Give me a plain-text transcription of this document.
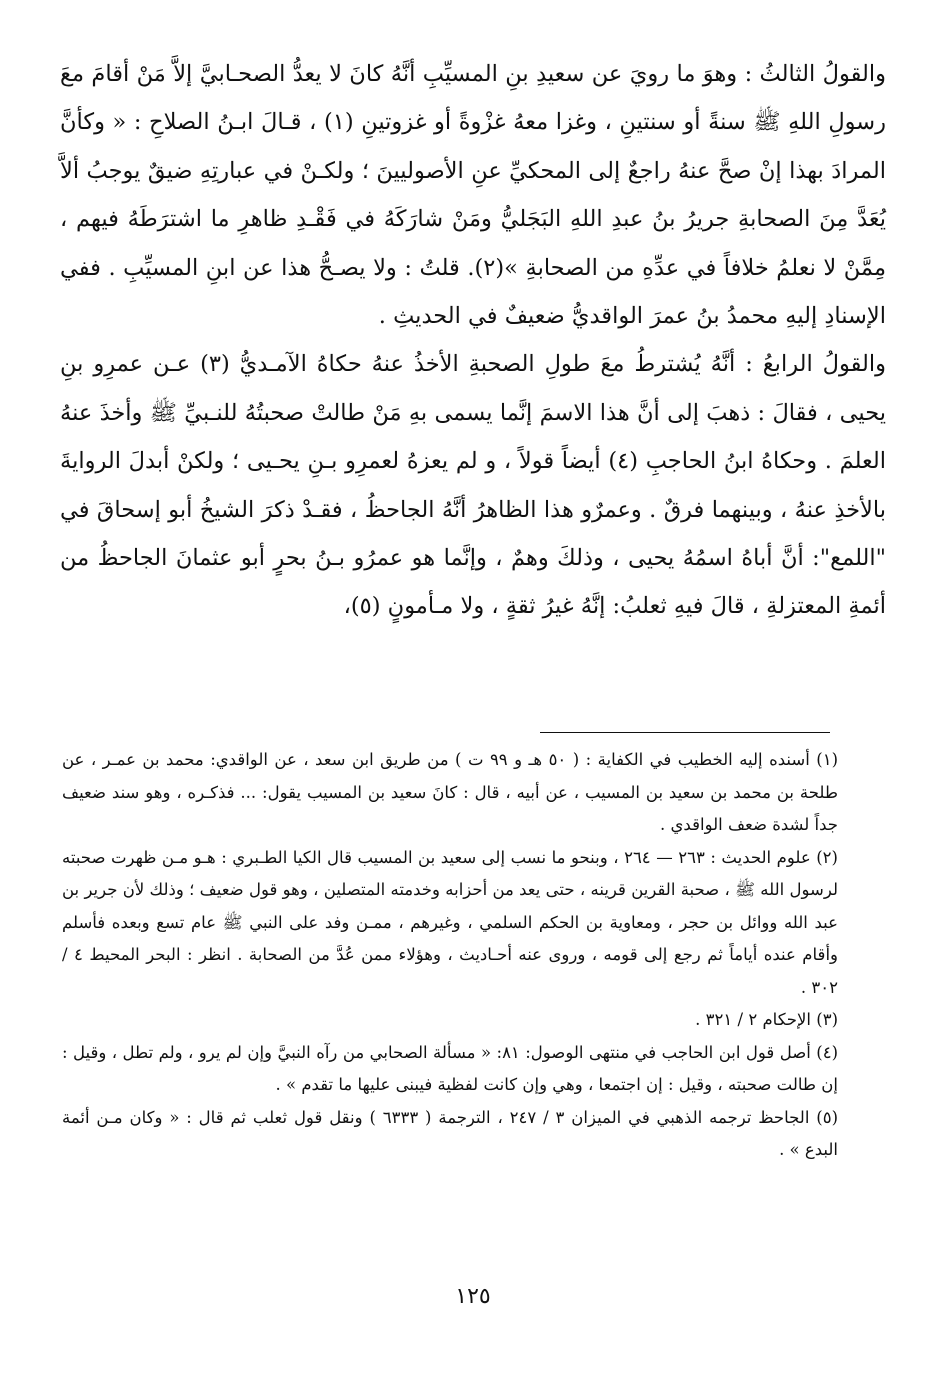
والقولُ الثالثُ : وهوَ ما رويَ عن سعيدِ بنِ المسيِّبِ أنَّهُ كانَ لا يعدُّ الصحـابيَّ إلاَّ مَنْ أقامَ معَ رسولِ اللهِ ﷺ سنةً أو سنتينِ ، وغزا معهُ غزْوةً أو غزوتينِ (١) ، قـالَ ابـنُ الصلاحِ : « وكأنَّ المرادَ بهذا إنْ صحَّ عنهُ راجعٌ إلى المحكيِّ عنِ الأصوليينَ ؛ ولكـنْ في عبارتِهِ ضيقٌ يوجبُ ألاَّ يُعَدَّ مِنَ الصحابةِ جريرُ بنُ عبدِ اللهِ البَجَليُّ ومَنْ شارَكَهُ في فَقْـدِ ظاهرِ ما اشترَطَهُ فيهم ، مِمَّنْ لا نعلمُ خلافاً في عدِّهِ من الصحابةِ »(٢). قلتُ : ولا يصـحُّ هذا عن ابنِ المسيِّبِ . ففي الإسنادِ إليهِ محمدُ بنُ عمرَ الواقديُّ ضعيفٌ في الحديثِ .

والقولُ الرابعُ : أنَّهُ يُشترطُ معَ طولِ الصحبةِ الأخذُ عنهُ حكاهُ الآمـديُّ (٣) عـن عمرِو بنِ يحيى ، فقالَ : ذهبَ إلى أنَّ هذا الاسمَ إنَّما يسمى بهِ مَنْ طالتْ صحبتُهُ للنـبيِّ ﷺ وأخذَ عنهُ العلمَ . وحكاهُ ابنُ الحاجبِ (٤) أيضاً قولاً ، و لم يعزهُ لعمرِو بـنِ يحـيى ؛ ولكنْ أبدلَ الروايةَ بالأخذِ عنهُ ، وبينهما فرقٌ . وعمرٌو هذا الظاهرُ أنَّهُ الجاحظُ ، فقـدْ ذكرَ الشيخُ أبو إسحاقَ في "اللمع": أنَّ أباهُ اسمُهُ يحيى ، وذلكَ وهمٌ ، وإنَّما هو عمرُو بـنُ بحرٍ أبو عثمانَ الجاحظُ من أئمةِ المعتزلةِ ، قالَ فيهِ ثعلبُ: إنَّهُ غيرُ ثقةٍ ، ولا مـأمونٍ (٥)،

(١) أسنده إليه الخطيب في الكفاية : ( ٥٠ هـ و ٩٩ ت ) من طريق ابن سعد ، عن الواقدي: محمد بن عمـر ، عن طلحة بن محمد بن سعيد بن المسيب ، عن أبيه ، قال : كانَ سعيد بن المسيب يقول: ... فذكـره ، وهو سند ضعيف جداً لشدة ضعف الواقدي .

(٢) علوم الحديث : ٢٦٣ — ٢٦٤ ، وبنحو ما نسب إلى سعيد بن المسيب قال الكيا الطـبري : هـو مـن ظهرت صحبته لرسول الله ﷺ ، صحبة القرين قرينه ، حتى يعد من أحزابه وخدمته المتصلين ، وهو قول ضعيف ؛ وذلك لأن جرير بن عبد الله ووائل بن حجر ، ومعاوية بن الحكم السلمي ، وغيرهم ، ممـن وفد على النبي ﷺ عام تسع وبعده فأسلم وأقام عنده أياماً ثم رجع إلى قومه ، وروى عنه أحـاديث ، وهؤلاء ممن عُدَّ من الصحابة . انظر : البحر المحيط ٤ / ٣٠٢ .

(٣) الإحكام ٢ / ٣٢١ .

(٤) أصل قول ابن الحاجب في منتهى الوصول: ٨١: « مسألة الصحابي من رآه النبيَّ وإن لم يرو ، ولم تطل ، وقيل : إن طالت صحبته ، وقيل : إن اجتمعا ، وهي وإن كانت لفظية فيبنى عليها ما تقدم » .

(٥) الجاحظ ترجمه الذهبي في الميزان ٣ / ٢٤٧ ، الترجمة ( ٦٣٣٣ ) ونقل قول ثعلب ثم قال : « وكان مـن أئمة البدع » .

١٢٥
